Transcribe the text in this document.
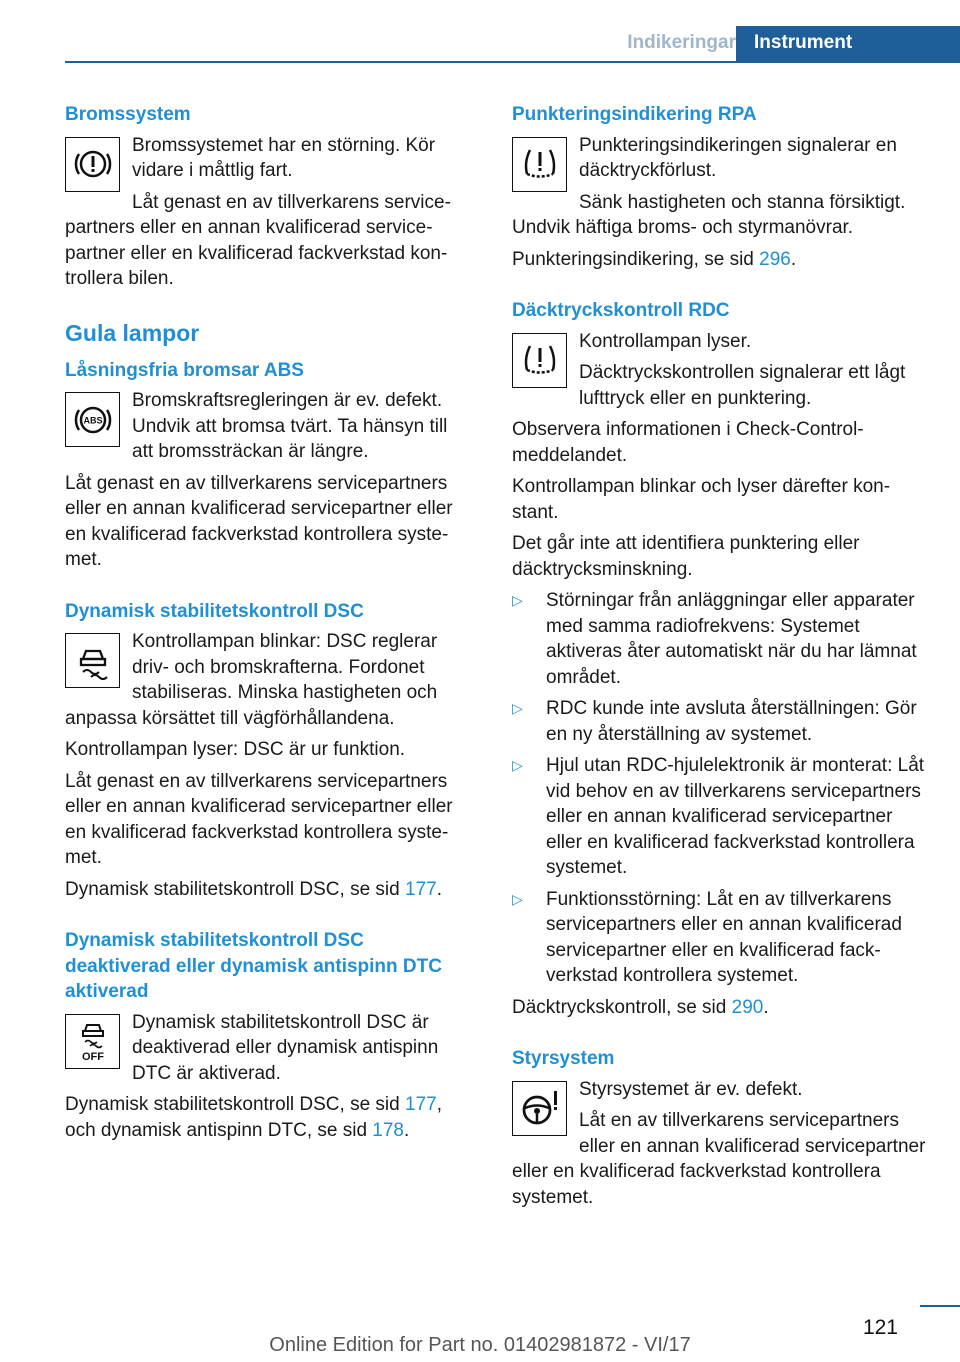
Indikeringar Instrument
Bromssystem

Bromssystemet har en störning. Kör vidare i måttlig fart.

Låt genast en av tillverkarens servicepartners eller en annan kvalificerad servicepartner eller en kvalificerad fackverkstad kontrollera bilen.

Gula lampor
Låsningsfria bromsar ABS
ABS

Bromskraftsregleringen är ev. defekt. Undvik att bromsa tvärt. Ta hänsyn till att bromssträckan är längre.

Låt genast en av tillverkarens servicepartners eller en annan kvalificerad servicepartner eller en kvalificerad fackverkstad kontrollera systemet.

Dynamisk stabilitetskontroll DSC

Kontrollampan blinkar: DSC reglerar driv- och bromskrafterna. Fordonet stabiliseras. Minska hastigheten och anpassa körsättet till vägförhållandena.

Kontrollampan lyser: DSC är ur funktion.

Låt genast en av tillverkarens servicepartners eller en annan kvalificerad servicepartner eller en kvalificerad fackverkstad kontrollera systemet.

Dynamisk stabilitetskontroll DSC, se sid 177.

Dynamisk stabilitetskontroll DSC deaktiverad eller dynamisk antispinn DTC aktiverad
OFF

Dynamisk stabilitetskontroll DSC är deaktiverad eller dynamisk antispinn DTC är aktiverad.

Dynamisk stabilitetskontroll DSC, se sid 177, och dynamisk antispinn DTC, se sid 178.

Punkteringsindikering RPA

Punkteringsindikeringen signalerar en däcktryckförlust.

Sänk hastigheten och stanna försiktigt. Undvik häftiga broms- och styrmanövrar.

Punkteringsindikering, se sid 296.

Däcktryckskontroll RDC

Kontrollampan lyser.

Däcktryckskontrollen signalerar ett lågt lufttryck eller en punktering.

Observera informationen i Check-Control-meddelandet.

Kontrollampan blinkar och lyser därefter konstant.

Det går inte att identifiera punktering eller däcktrycksminskning.

▷ Störningar från anläggningar eller apparater med samma radiofrekvens: Systemet aktiveras åter automatiskt när du har lämnat området.
▷ RDC kunde inte avsluta återställningen: Gör en ny återställning av systemet.
▷ Hjul utan RDC-hjulelektronik är monterat: Låt vid behov en av tillverkarens servicepartners eller en annan kvalificerad servicepartner eller en kvalificerad fackverkstad kontrollera systemet.
▷ Funktionsstörning: Låt en av tillverkarens servicepartners eller en annan kvalificerad servicepartner eller en kvalificerad fackverkstad kontrollera systemet.

Däcktryckskontroll, se sid 290.

Styrsystem

Styrsystemet är ev. defekt.

Låt en av tillverkarens servicepartners eller en annan kvalificerad servicepartner eller en kvalificerad fackverkstad kontrollera systemet.

121
Online Edition for Part no. 01402981872 - VI/17
